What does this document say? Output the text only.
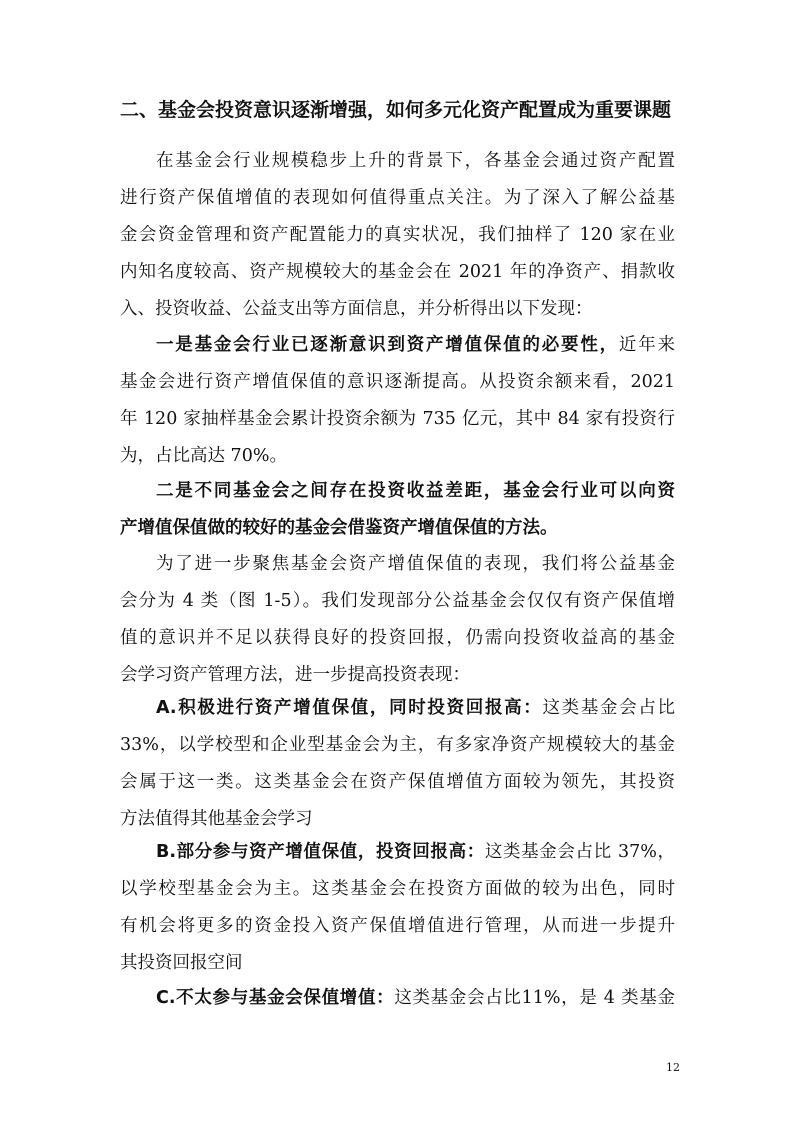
二、基金会投资意识逐渐增强，如何多元化资产配置成为重要课题
在基金会行业规模稳步上升的背景下，各基金会通过资产配置
进行资产保值增值的表现如何值得重点关注。为了深入了解公益基
金会资金管理和资产配置能力的真实状况，我们抽样了 120 家在业
内知名度较高、资产规模较大的基金会在 2021 年的净资产、捐款收
入、投资收益、公益支出等方面信息，并分析得出以下发现：
一是基金会行业已逐渐意识到资产增值保值的必要性，近年来
基金会进行资产增值保值的意识逐渐提高。从投资余额来看，2021
年 120 家抽样基金会累计投资余额为 735 亿元，其中 84 家有投资行
为，占比高达 70%。
二是不同基金会之间存在投资收益差距，基金会行业可以向资
产增值保值做的较好的基金会借鉴资产增值保值的方法。
为了进一步聚焦基金会资产增值保值的表现，我们将公益基金
会分为 4 类（图 1-5）。我们发现部分公益基金会仅仅有资产保值增
值的意识并不足以获得良好的投资回报，仍需向投资收益高的基金
会学习资产管理方法，进一步提高投资表现：
A.积极进行资产增值保值，同时投资回报高：这类基金会占比
33%，以学校型和企业型基金会为主，有多家净资产规模较大的基金
会属于这一类。这类基金会在资产保值增值方面较为领先，其投资
方法值得其他基金会学习
B.部分参与资产增值保值，投资回报高：这类基金会占比 37%，
以学校型基金会为主。这类基金会在投资方面做的较为出色，同时
有机会将更多的资金投入资产保值增值进行管理，从而进一步提升
其投资回报空间
C.不太参与基金会保值增值：这类基金会占比11%，是 4 类基金
12
